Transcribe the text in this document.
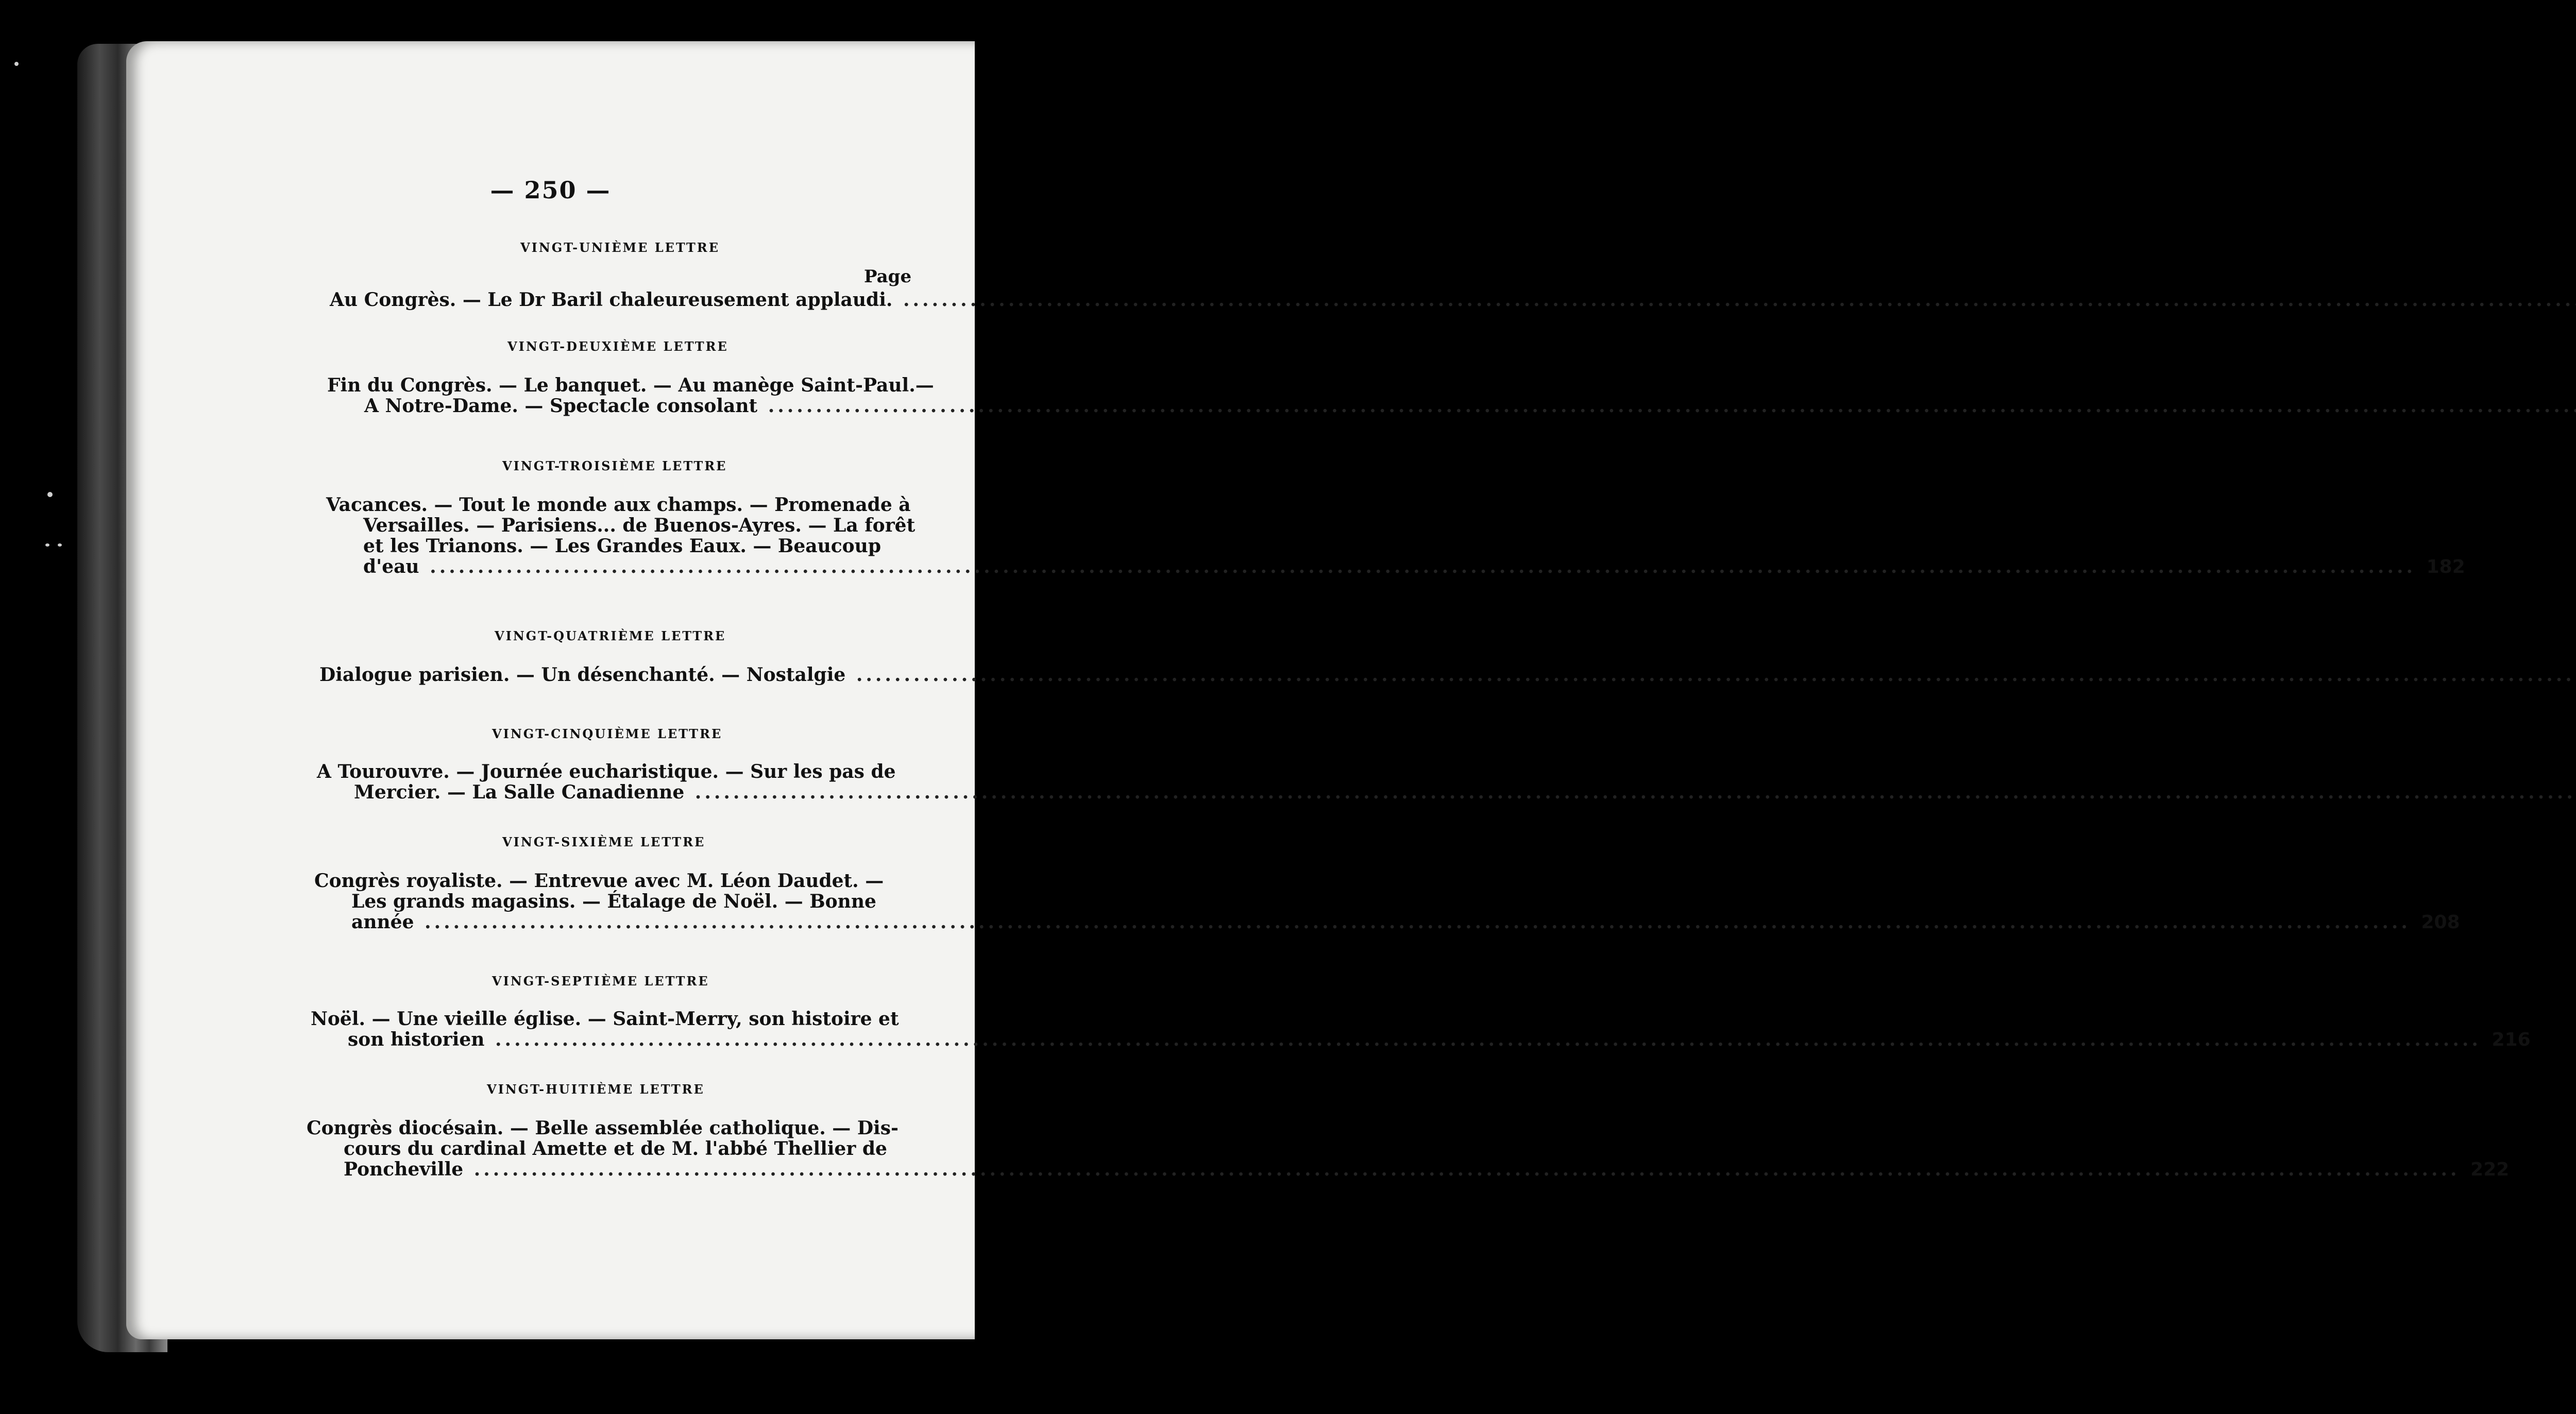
— 250 —
VINGT-UNIÈME LETTRE
Page
Au Congrès. — Le Dr Baril chaleureusement applaudi. .....
VINGT-DEUXIÈME LETTRE
Fin du Congrès. — Le banquet. — Au manège Saint-Paul.—
A Notre-Dame. — Spectacle consolant .....
VINGT-TROISIÈME LETTRE
Vacances. — Tout le monde aux champs. — Promenade à
Versailles. — Parisiens... de Buenos-Ayres. — La forêt
et les Trianons. — Les Grandes Eaux. — Beaucoup
d'eau .....	182
VINGT-QUATRIÈME LETTRE
Dialogue parisien. — Un désenchanté. — Nostalgie .....
VINGT-CINQUIÈME LETTRE
A Tourouvre. — Journée eucharistique. — Sur les pas de
Mercier. — La Salle Canadienne .....
VINGT-SIXIÈME LETTRE
Congrès royaliste. — Entrevue avec M. Léon Daudet. —
Les grands magasins. — Étalage de Noël. — Bonne
année .....	208
VINGT-SEPTIÈME LETTRE
Noël. — Une vieille église. — Saint-Merry, son histoire et
son historien .....	216
VINGT-HUITIÈME LETTRE
Congrès diocésain. — Belle assemblée catholique. — Dis-
cours du cardinal Amette et de M. l'abbé Thellier de
Poncheville .....	222
